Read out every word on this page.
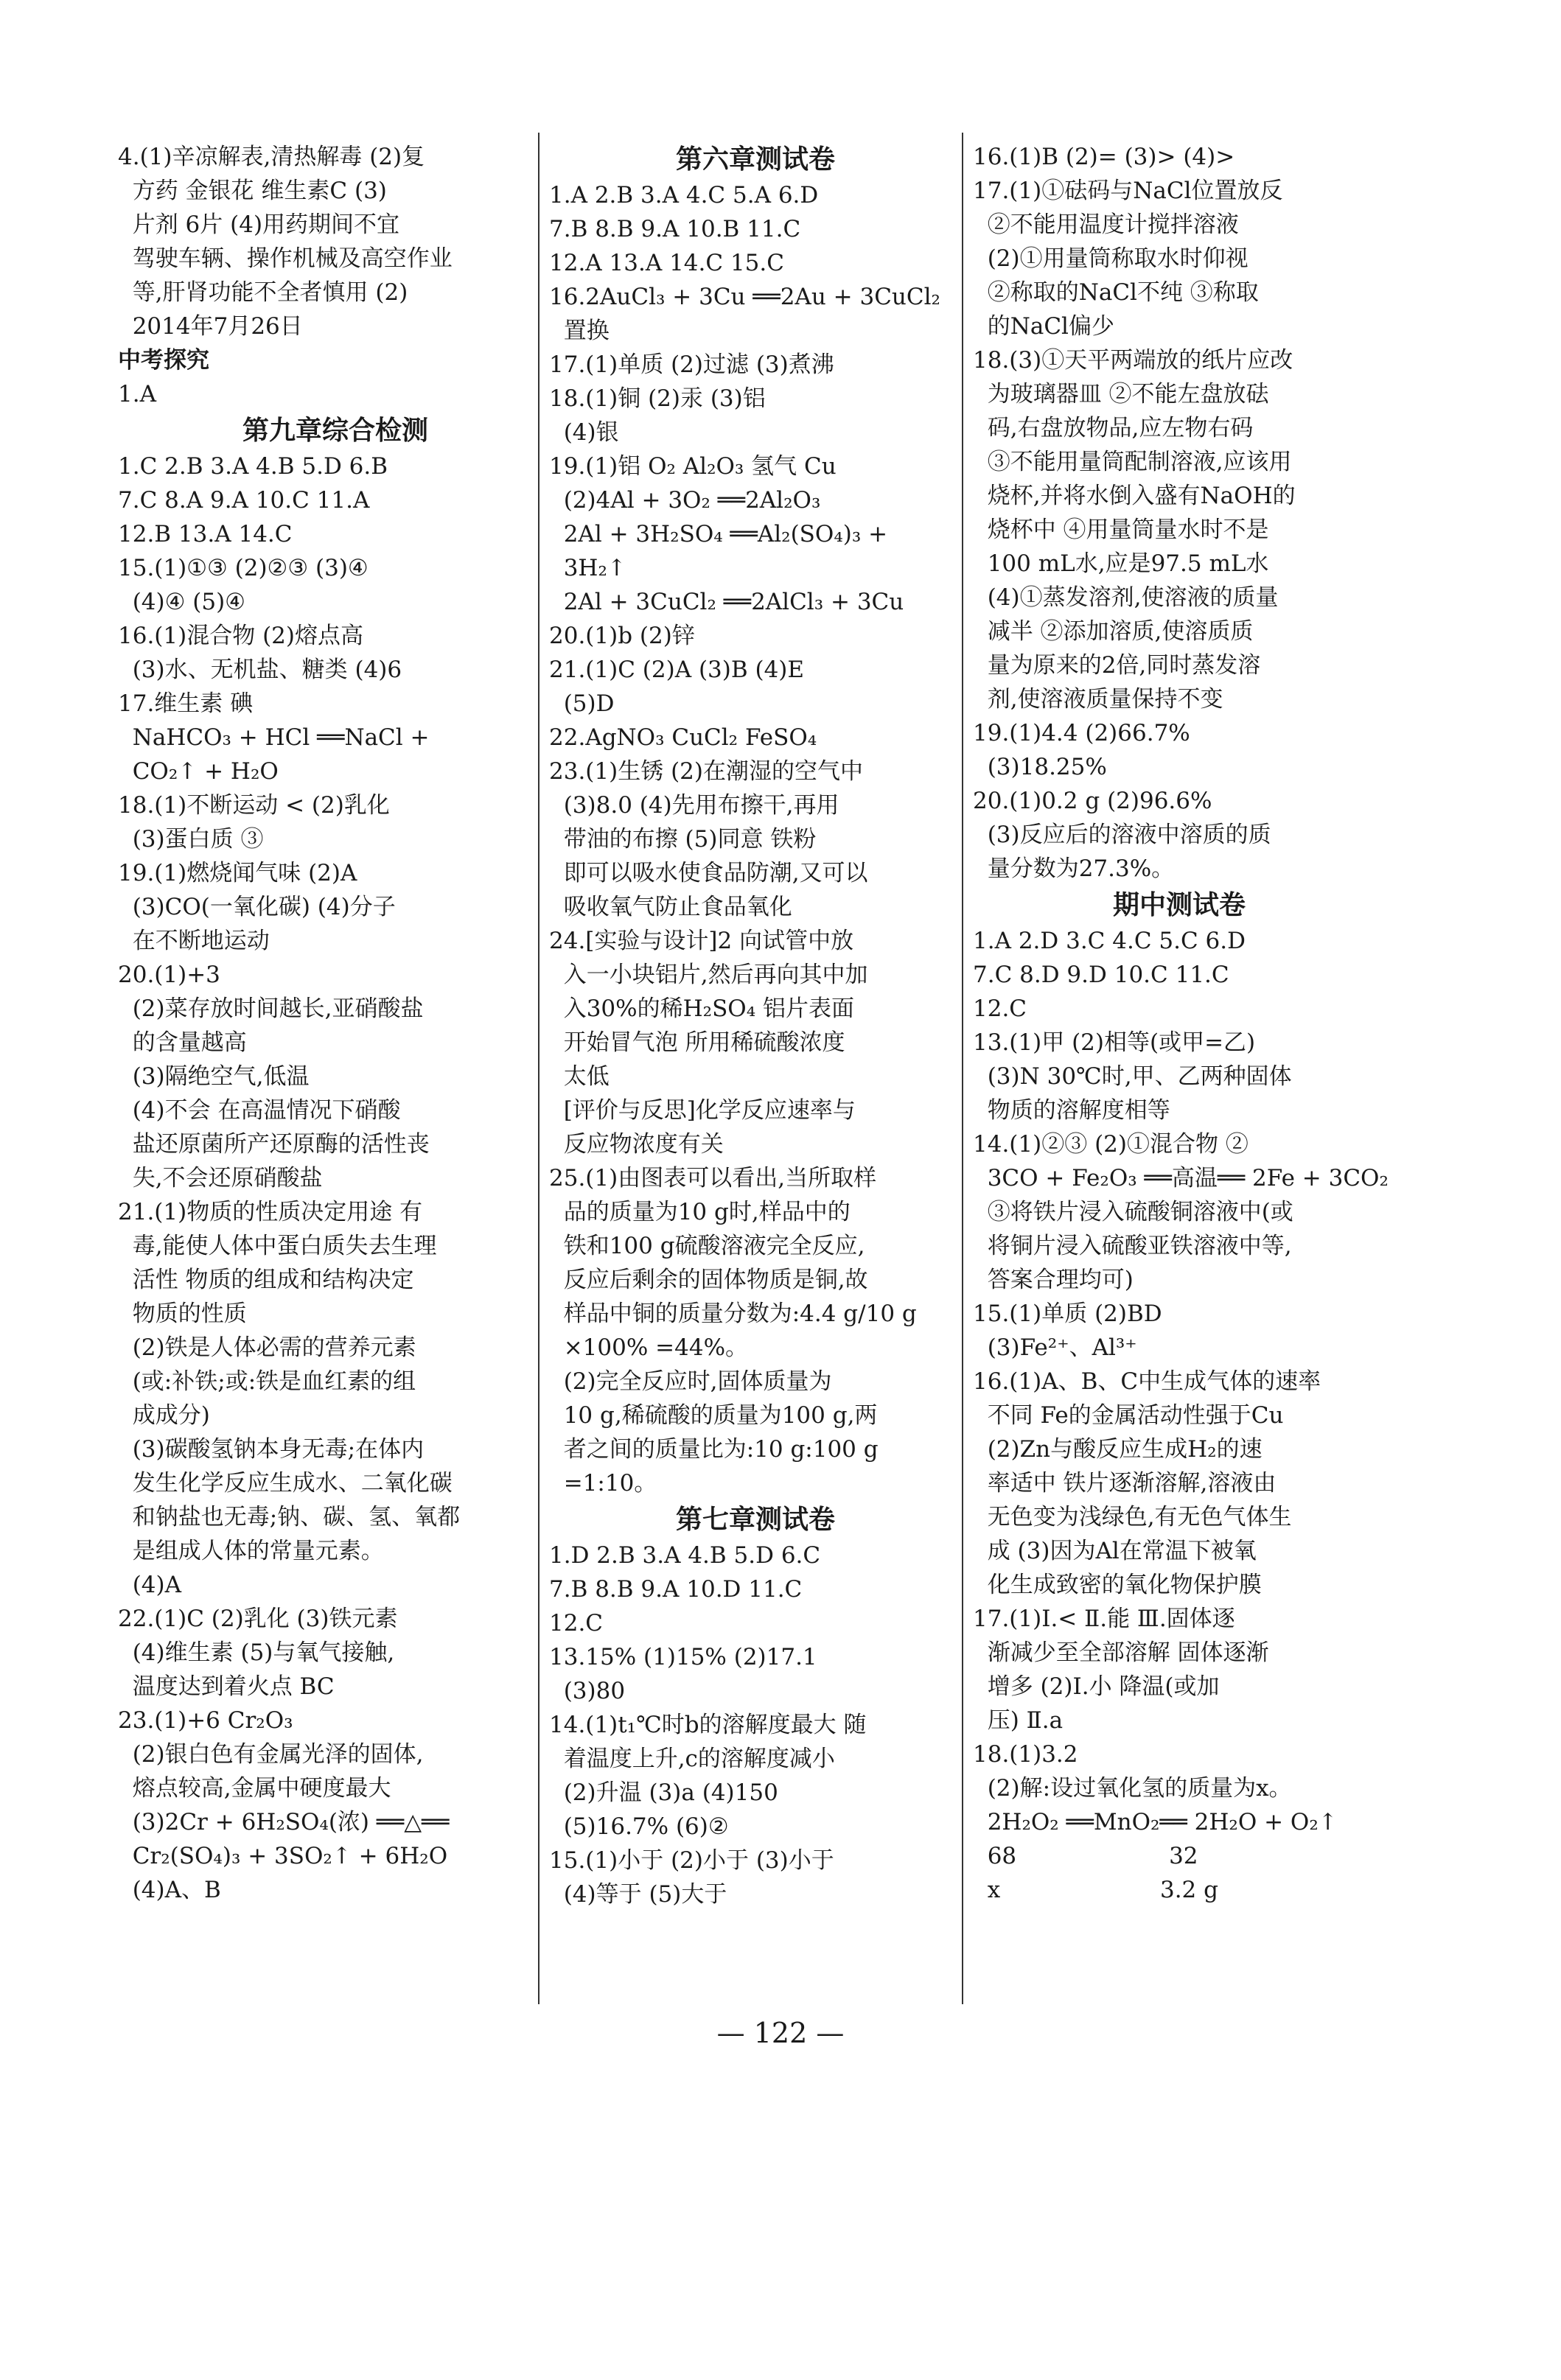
4.(1)辛凉解表,清热解毒 (2)复

方药 金银花 维生素C (3)

片剂 6片 (4)用药期间不宜

驾驶车辆、操作机械及高空作业

等,肝肾功能不全者慎用 (2)

2014年7月26日

中考探究

1.A

第九章综合检测

1.C 2.B 3.A 4.B 5.D 6.B

7.C 8.A 9.A 10.C 11.A

12.B 13.A 14.C

15.(1)①③ (2)②③ (3)④

(4)④ (5)④

16.(1)混合物 (2)熔点高

(3)水、无机盐、糖类 (4)6

17.维生素 碘

NaHCO₃ + HCl ══NaCl +

CO₂↑ + H₂O

18.(1)不断运动 < (2)乳化

(3)蛋白质 ③

19.(1)燃烧闻气味 (2)A

(3)CO(一氧化碳) (4)分子

在不断地运动

20.(1)+3

(2)菜存放时间越长,亚硝酸盐

的含量越高

(3)隔绝空气,低温

(4)不会 在高温情况下硝酸

盐还原菌所产还原酶的活性丧

失,不会还原硝酸盐

21.(1)物质的性质决定用途 有

毒,能使人体中蛋白质失去生理

活性 物质的组成和结构决定

物质的性质

(2)铁是人体必需的营养元素

(或:补铁;或:铁是血红素的组

成成分)

(3)碳酸氢钠本身无毒;在体内

发生化学反应生成水、二氧化碳

和钠盐也无毒;钠、碳、氢、氧都

是组成人体的常量元素。

(4)A

22.(1)C (2)乳化 (3)铁元素

(4)维生素 (5)与氧气接触,

温度达到着火点 BC

23.(1)+6 Cr₂O₃

(2)银白色有金属光泽的固体,

熔点较高,金属中硬度最大

(3)2Cr + 6H₂SO₄(浓) ══△══

Cr₂(SO₄)₃ + 3SO₂↑ + 6H₂O

(4)A、B

第六章测试卷

1.A 2.B 3.A 4.C 5.A 6.D

7.B 8.B 9.A 10.B 11.C

12.A 13.A 14.C 15.C

16.2AuCl₃ + 3Cu ══2Au + 3CuCl₂

置换

17.(1)单质 (2)过滤 (3)煮沸

18.(1)铜 (2)汞 (3)铝

(4)银

19.(1)铝 O₂ Al₂O₃ 氢气 Cu

(2)4Al + 3O₂ ══2Al₂O₃

2Al + 3H₂SO₄ ══Al₂(SO₄)₃ +

3H₂↑

2Al + 3CuCl₂ ══2AlCl₃ + 3Cu

20.(1)b (2)锌

21.(1)C (2)A (3)B (4)E

(5)D

22.AgNO₃ CuCl₂ FeSO₄

23.(1)生锈 (2)在潮湿的空气中

(3)8.0 (4)先用布擦干,再用

带油的布擦 (5)同意 铁粉

即可以吸水使食品防潮,又可以

吸收氧气防止食品氧化

24.[实验与设计]2 向试管中放

入一小块铝片,然后再向其中加

入30%的稀H₂SO₄ 铝片表面

开始冒气泡 所用稀硫酸浓度

太低

[评价与反思]化学反应速率与

反应物浓度有关

25.(1)由图表可以看出,当所取样

品的质量为10 g时,样品中的

铁和100 g硫酸溶液完全反应,

反应后剩余的固体物质是铜,故

样品中铜的质量分数为:4.4 g/10 g

×100% =44%。

(2)完全反应时,固体质量为

10 g,稀硫酸的质量为100 g,两

者之间的质量比为:10 g:100 g

=1:10。

第七章测试卷

1.D 2.B 3.A 4.B 5.D 6.C

7.B 8.B 9.A 10.D 11.C

12.C

13.15% (1)15% (2)17.1

(3)80

14.(1)t₁℃时b的溶解度最大 随

着温度上升,c的溶解度减小

(2)升温 (3)a (4)150

(5)16.7% (6)②

15.(1)小于 (2)小于 (3)小于

(4)等于 (5)大于

16.(1)B (2)= (3)> (4)>

17.(1)①砝码与NaCl位置放反

②不能用温度计搅拌溶液

(2)①用量筒称取水时仰视

②称取的NaCl不纯 ③称取

的NaCl偏少

18.(3)①天平两端放的纸片应改

为玻璃器皿 ②不能左盘放砝

码,右盘放物品,应左物右码

③不能用量筒配制溶液,应该用

烧杯,并将水倒入盛有NaOH的

烧杯中 ④用量筒量水时不是

100 mL水,应是97.5 mL水

(4)①蒸发溶剂,使溶液的质量

减半 ②添加溶质,使溶质质

量为原来的2倍,同时蒸发溶

剂,使溶液质量保持不变

19.(1)4.4 (2)66.7%

(3)18.25%

20.(1)0.2 g (2)96.6%

(3)反应后的溶液中溶质的质

量分数为27.3%。

期中测试卷

1.A 2.D 3.C 4.C 5.C 6.D

7.C 8.D 9.D 10.C 11.C

12.C

13.(1)甲 (2)相等(或甲=乙)

(3)N 30℃时,甲、乙两种固体

物质的溶解度相等

14.(1)②③ (2)①混合物 ②

3CO + Fe₂O₃ ══高温══ 2Fe + 3CO₂

③将铁片浸入硫酸铜溶液中(或

将铜片浸入硫酸亚铁溶液中等,

答案合理均可)

15.(1)单质 (2)BD

(3)Fe²⁺、Al³⁺

16.(1)A、B、C中生成气体的速率

不同 Fe的金属活动性强于Cu

(2)Zn与酸反应生成H₂的速

率适中 铁片逐渐溶解,溶液由

无色变为浅绿色,有无色气体生

成 (3)因为Al在常温下被氧

化生成致密的氧化物保护膜

17.(1)Ⅰ.< Ⅱ.能 Ⅲ.固体逐

渐减少至全部溶解 固体逐渐

增多 (2)Ⅰ.小 降温(或加

压) Ⅱ.a

18.(1)3.2

(2)解:设过氧化氢的质量为x。

2H₂O₂ ══MnO₂══ 2H₂O + O₂↑

68                     32

x                      3.2 g

— 122 —
